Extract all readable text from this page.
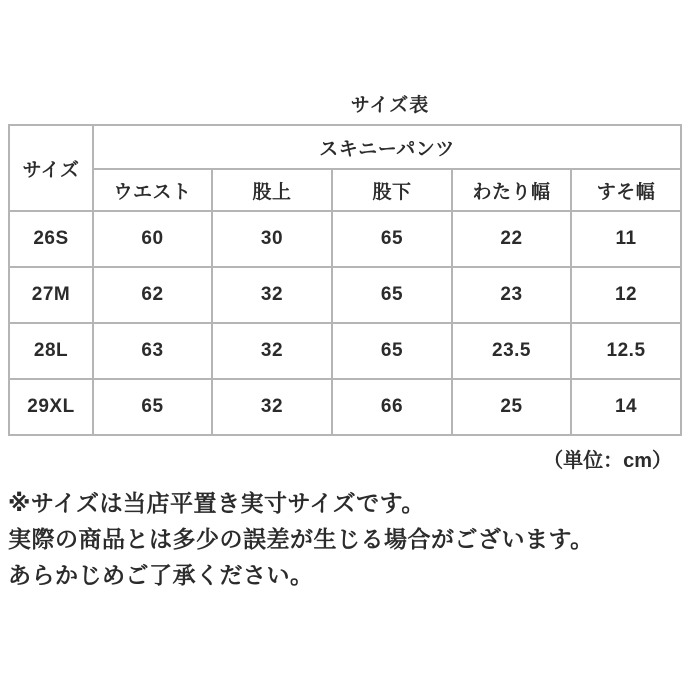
サイズ表
サイズ	スキニーパンツ				
	ウエスト	股上	股下	わたり幅	すそ幅
26S	60	30	65	22	11
27M	62	32	65	23	12
28L	63	32	65	23.5	12.5
29XL	65	32	66	25	14
（単位：cm）

※サイズは当店平置き実寸サイズです。

実際の商品とは多少の誤差が生じる場合がございます。

あらかじめご了承ください。
